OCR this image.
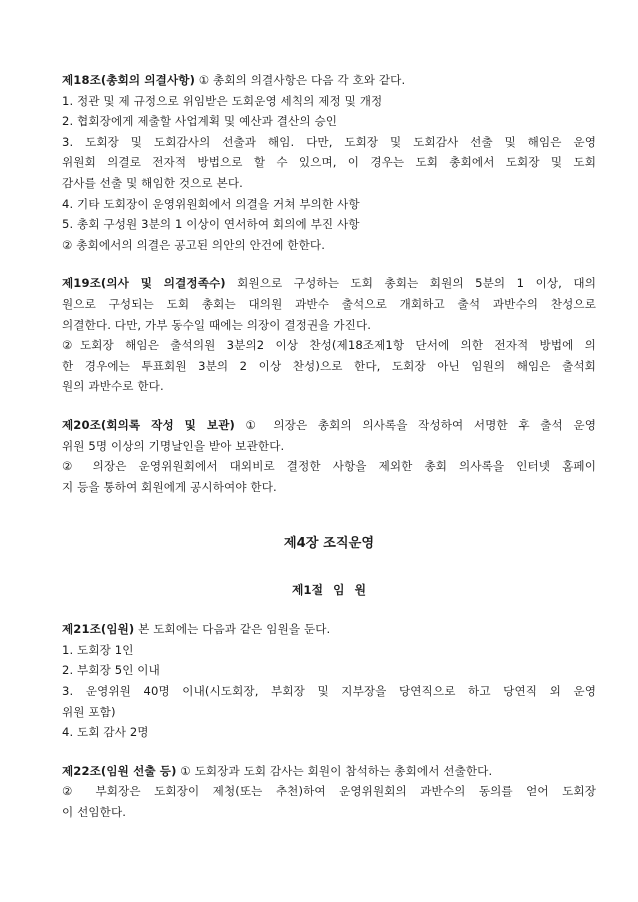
제18조(총회의 의결사항) ① 총회의 의결사항은 다음 각 호와 같다.
1. 정관 및 제 규정으로 위임받은 도회운영 세칙의 제정 및 개정
2. 협회장에게 제출할 사업계획 및 예산과 결산의 승인
3. 도회장 및 도회감사의 선출과 해임. 다만, 도회장 및 도회감사 선출 및 해임은 운영
위원회 의결로 전자적 방법으로 할 수 있으며, 이 경우는 도회 총회에서 도회장 및 도회
감사를 선출 및 해임한 것으로 본다.
4. 기타 도회장이 운영위원회에서 의결을 거쳐 부의한 사항
5. 총회 구성원 3분의 1 이상이 연서하여 회의에 부진 사항
② 총회에서의 의결은 공고된 의안의 안건에 한한다.
제19조(의사 및 의결정족수) 회원으로 구성하는 도회 총회는 회원의 5분의 1 이상, 대의
원으로 구성되는 도회 총회는 대의원 과반수 출석으로 개회하고 출석 과반수의 찬성으로
의결한다. 다만, 가부 동수일 때에는 의장이 결정권을 가진다.
②도회장 해임은 출석의원 3분의2 이상 찬성(제18조제1항 단서에 의한 전자적 방법에 의
한 경우에는 투표회원 3분의 2 이상 찬성)으로 한다, 도회장 아닌 임원의 해임은 출석회
원의 과반수로 한다.
제20조(회의록 작성 및 보관) ① 의장은 총회의 의사록을 작성하여 서명한 후 출석 운영
위원 5명 이상의 기명날인을 받아 보관한다.
② 의장은 운영위원회에서 대외비로 결정한 사항을 제외한 총회 의사록을 인터넷 홈페이
지 등을 통하여 회원에게 공시하여야 한다.
제4장 조직운영
제1절 임 원
제21조(임원) 본 도회에는 다음과 같은 임원을 둔다.
1. 도회장 1인
2. 부회장 5인 이내
3. 운영위원 40명 이내(시도회장, 부회장 및 지부장을 당연직으로 하고 당연직 외 운영
위원 포함)
4. 도회 감사 2명
제22조(임원 선출 등) ① 도회장과 도회 감사는 회원이 참석하는 총회에서 선출한다.
② 부회장은 도회장이 제청(또는 추천)하여 운영위원회의 과반수의 동의를 얻어 도회장
이 선임한다.
